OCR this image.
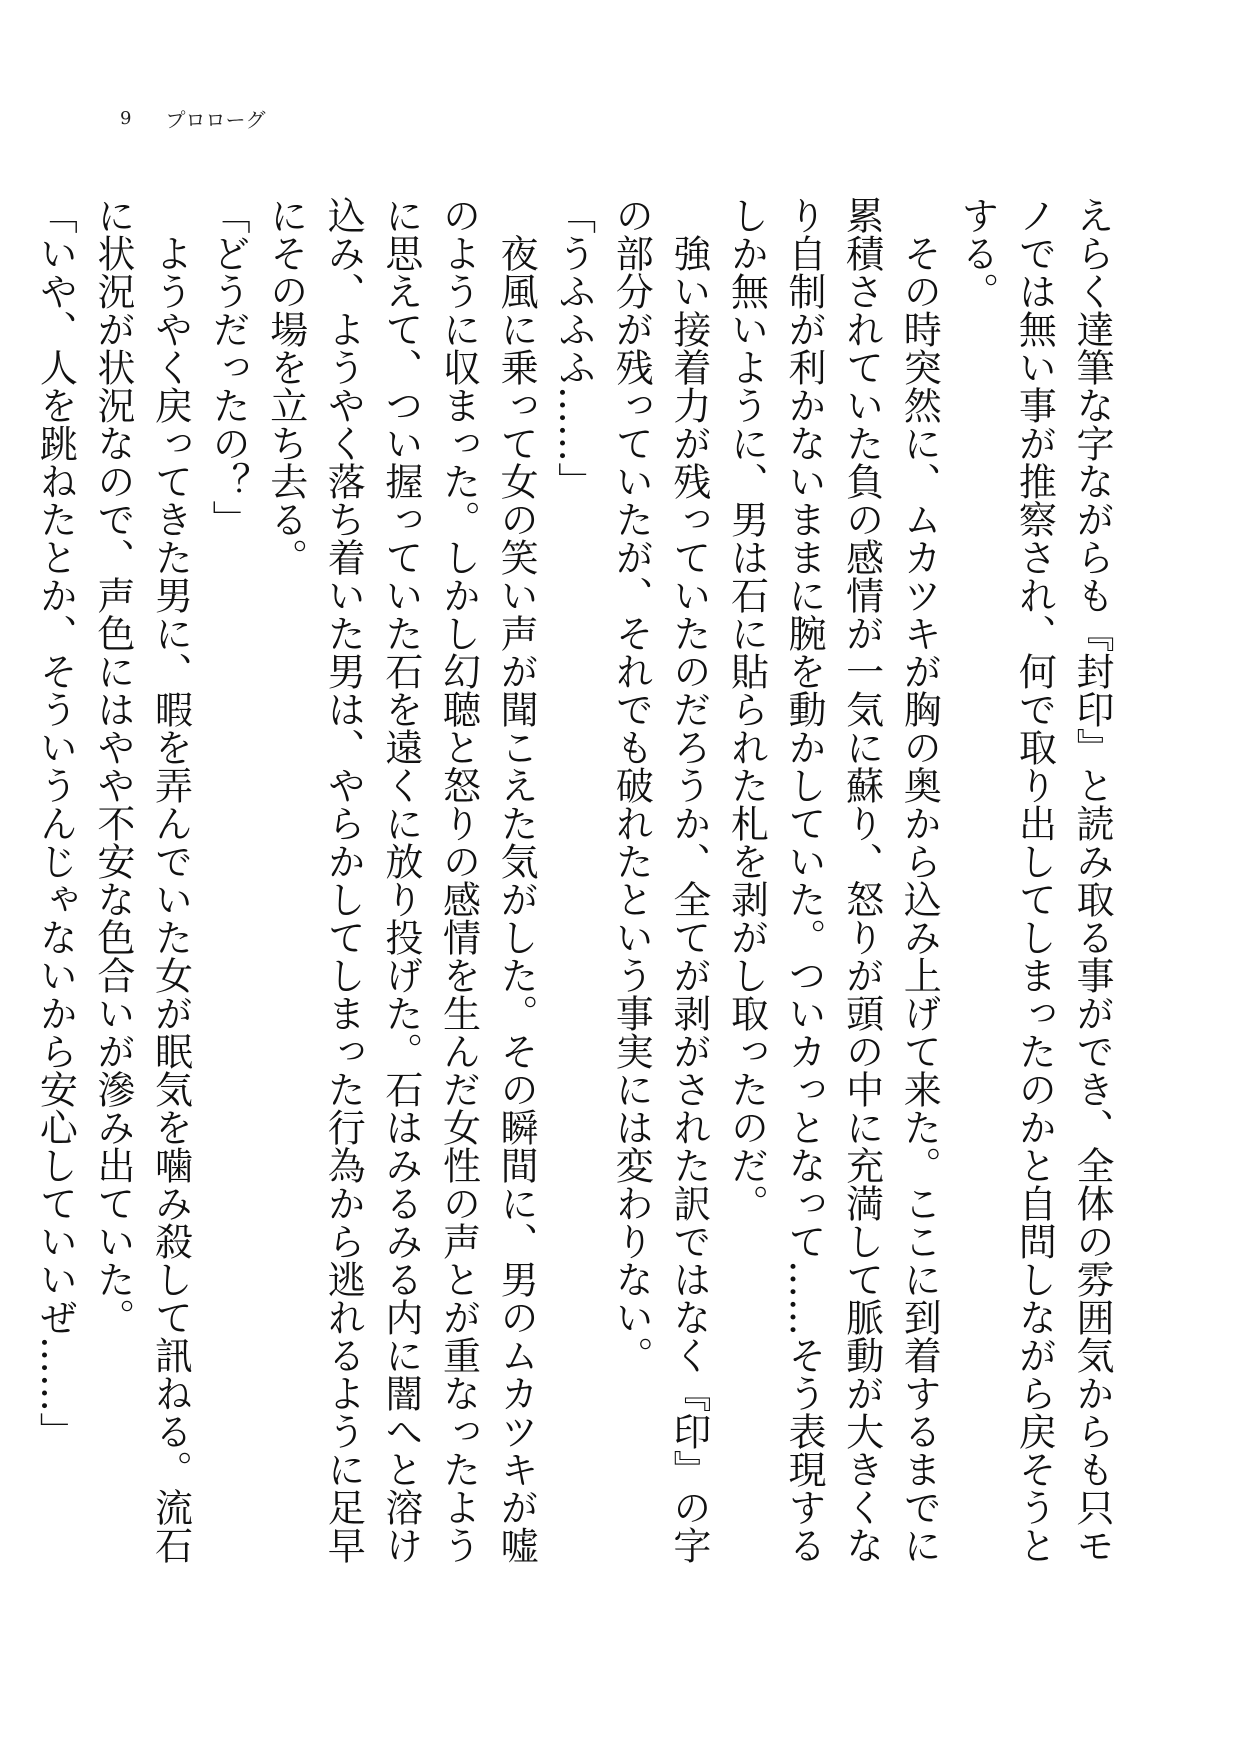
9 プロローグ

えらく達筆な字ながらも『封印』と読み取る事ができ、全体の雰囲気からも只モノでは無い事が推察され、何で取り出してしまったのかと自問しながら戻そうとする。

その時突然に、ムカツキが胸の奥から込み上げて来た。ここに到着するまでに累積されていた負の感情が一気に蘇り、怒りが頭の中に充満して脈動が大きくなり自制が利かないままに腕を動かしていた。ついカっとなって……そう表現するしか無いように、男は石に貼られた札を剥がし取ったのだ。

強い接着力が残っていたのだろうか、全てが剥がされた訳ではなく『印』の字の部分が残っていたが、それでも破れたという事実には変わりない。

「うふふふ……」

夜風に乗って女の笑い声が聞こえた気がした。その瞬間に、男のムカツキが嘘のように収まった。しかし幻聴と怒りの感情を生んだ女性の声とが重なったように思えて、つい握っていた石を遠くに放り投げた。石はみるみる内に闇へと溶け込み、ようやく落ち着いた男は、やらかしてしまった行為から逃れるように足早にその場を立ち去る。

「どうだったの？」

ようやく戻ってきた男に、暇を弄んでいた女が眠気を噛み殺して訊ねる。流石に状況が状況なので、声色にはやや不安な色合いが滲み出ていた。

「いや、人を跳ねたとか、そういうんじゃないから安心していいぜ……」
